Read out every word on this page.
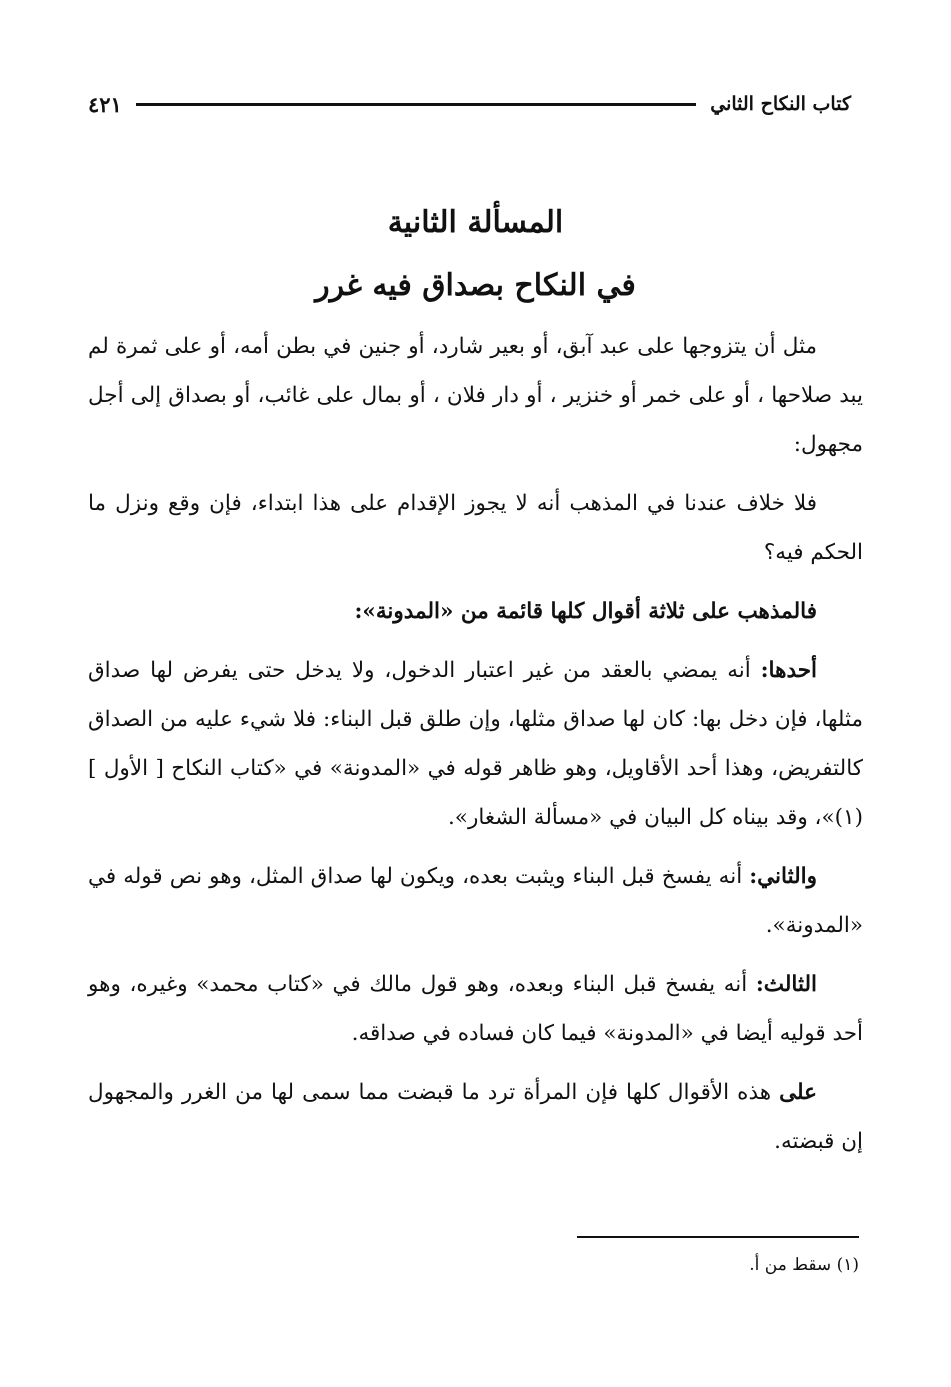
كتاب النكاح الثاني
٤٢١
المسألة الثانية
في النكاح بصداق فيه غرر

مثل أن يتزوجها على عبد آبق، أو بعير شارد، أو جنين في بطن أمه، أو على ثمرة لم يبد صلاحها ، أو على خمر أو خنزير ، أو دار فلان ، أو بمال على غائب، أو بصداق إلى أجل مجهول:

فلا خلاف عندنا في المذهب أنه لا يجوز الإقدام على هذا ابتداء، فإن وقع ونزل ما الحكم فيه؟

فالمذهب على ثلاثة أقوال كلها قائمة من «المدونة»:

أحدها: أنه يمضي بالعقد من غير اعتبار الدخول، ولا يدخل حتى يفرض لها صداق مثلها، فإن دخل بها: كان لها صداق مثلها، وإن طلق قبل البناء: فلا شيء عليه من الصداق كالتفريض، وهذا أحد الأقاويل، وهو ظاهر قوله في «المدونة» في «كتاب النكاح [ الأول ](١)»، وقد بيناه كل البيان في «مسألة الشغار».

والثاني: أنه يفسخ قبل البناء ويثبت بعده، ويكون لها صداق المثل، وهو نص قوله في «المدونة».

الثالث: أنه يفسخ قبل البناء وبعده، وهو قول مالك في «كتاب محمد» وغيره، وهو أحد قوليه أيضا في «المدونة» فيما كان فساده في صداقه.

على هذه الأقوال كلها فإن المرأة ترد ما قبضت مما سمى لها من الغرر والمجهول إن قبضته.

(١) سقط من أ.
